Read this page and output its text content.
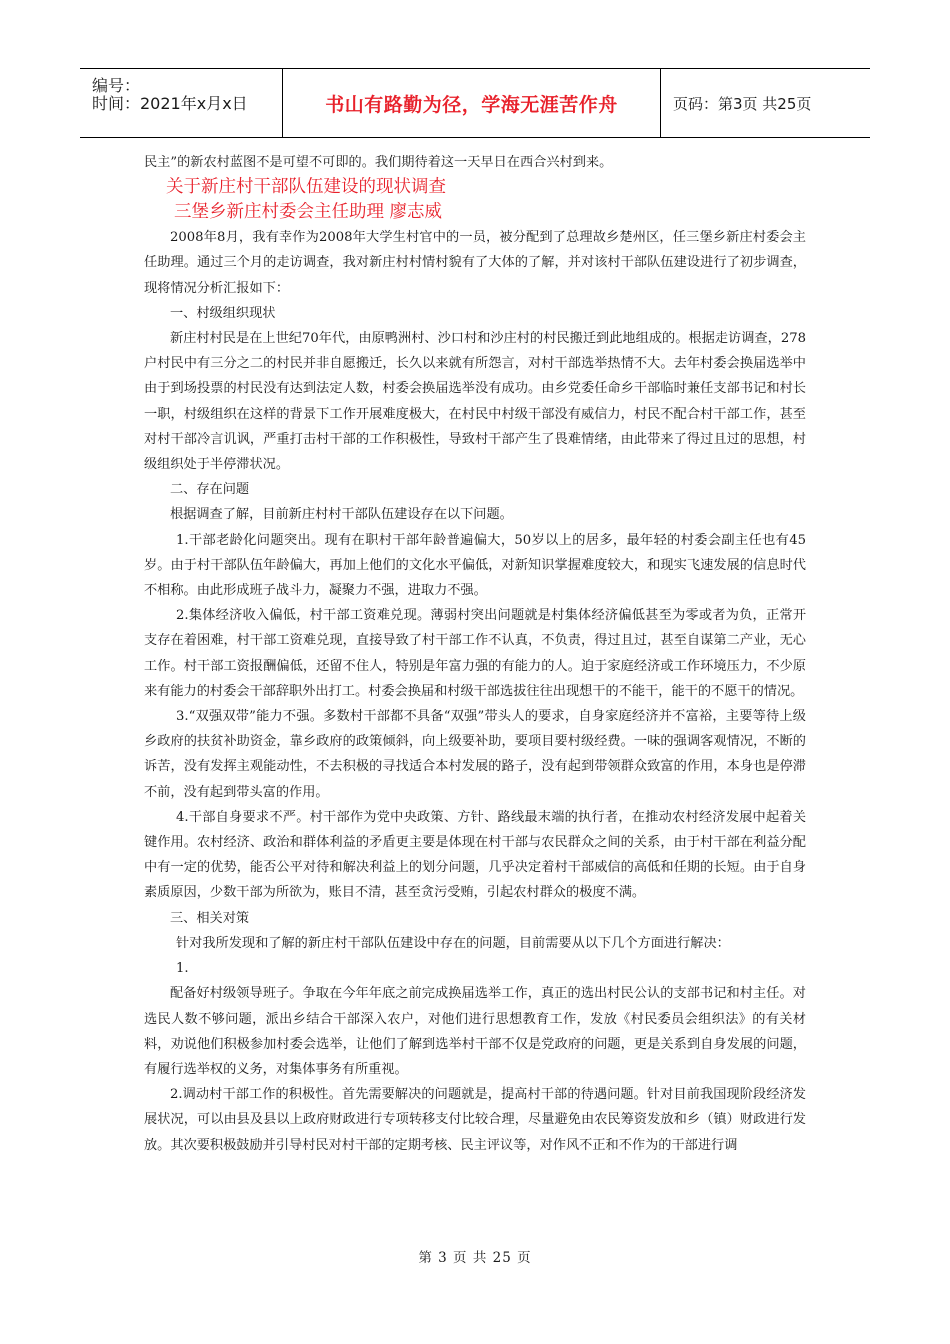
编号：
时间：2021年x月x日	书山有路勤为径，学海无涯苦作舟	页码：第3页 共25页

民主”的新农村蓝图不是可望不可即的。我们期待着这一天早日在西合兴村到来。

关于新庄村干部队伍建设的现状调查

三堡乡新庄村委会主任助理 廖志威

2008年8月，我有幸作为2008年大学生村官中的一员，被分配到了总理故乡楚州区，任三堡乡新庄村委会主任助理。通过三个月的走访调查，我对新庄村村情村貌有了大体的了解，并对该村干部队伍建设进行了初步调查，现将情况分析汇报如下：

一、村级组织现状

新庄村村民是在上世纪70年代，由原鸭洲村、沙口村和沙庄村的村民搬迁到此地组成的。根据走访调查，278户村民中有三分之二的村民并非自愿搬迁，长久以来就有所怨言，对村干部选举热情不大。去年村委会换届选举中由于到场投票的村民没有达到法定人数，村委会换届选举没有成功。由乡党委任命乡干部临时兼任支部书记和村长一职，村级组织在这样的背景下工作开展难度极大，在村民中村级干部没有威信力，村民不配合村干部工作，甚至对村干部冷言讥讽，严重打击村干部的工作积极性，导致村干部产生了畏难情绪，由此带来了得过且过的思想，村级组织处于半停滞状况。

二、存在问题

根据调查了解，目前新庄村村干部队伍建设存在以下问题。

1.干部老龄化问题突出。现有在职村干部年龄普遍偏大，50岁以上的居多，最年轻的村委会副主任也有45岁。由于村干部队伍年龄偏大，再加上他们的文化水平偏低，对新知识掌握难度较大，和现实飞速发展的信息时代不相称。由此形成班子战斗力，凝聚力不强，进取力不强。

2.集体经济收入偏低，村干部工资难兑现。薄弱村突出问题就是村集体经济偏低甚至为零或者为负，正常开支存在着困难，村干部工资难兑现，直接导致了村干部工作不认真，不负责，得过且过，甚至自谋第二产业，无心工作。村干部工资报酬偏低，还留不住人，特别是年富力强的有能力的人。迫于家庭经济或工作环境压力，不少原来有能力的村委会干部辞职外出打工。村委会换届和村级干部选拔往往出现想干的不能干，能干的不愿干的情况。

3.“双强双带”能力不强。多数村干部都不具备“双强”带头人的要求，自身家庭经济并不富裕，主要等待上级乡政府的扶贫补助资金，靠乡政府的政策倾斜，向上级要补助，要项目要村级经费。一味的强调客观情况，不断的诉苦，没有发挥主观能动性，不去积极的寻找适合本村发展的路子，没有起到带领群众致富的作用，本身也是停滞不前，没有起到带头富的作用。

4.干部自身要求不严。村干部作为党中央政策、方针、路线最末端的执行者，在推动农村经济发展中起着关键作用。农村经济、政治和群体利益的矛盾更主要是体现在村干部与农民群众之间的关系，由于村干部在利益分配中有一定的优势，能否公平对待和解决利益上的划分问题，几乎决定着村干部威信的高低和任期的长短。由于自身素质原因，少数干部为所欲为，账目不清，甚至贪污受贿，引起农村群众的极度不满。

三、相关对策

针对我所发现和了解的新庄村干部队伍建设中存在的问题，目前需要从以下几个方面进行解决：

1.

配备好村级领导班子。争取在今年年底之前完成换届选举工作，真正的选出村民公认的支部书记和村主任。对选民人数不够问题，派出乡结合干部深入农户，对他们进行思想教育工作，发放《村民委员会组织法》的有关材料，劝说他们积极参加村委会选举，让他们了解到选举村干部不仅是党政府的问题，更是关系到自身发展的问题，有履行选举权的义务，对集体事务有所重视。

2.调动村干部工作的积极性。首先需要解决的问题就是，提高村干部的待遇问题。针对目前我国现阶段经济发展状况，可以由县及县以上政府财政进行专项转移支付比较合理，尽量避免由农民筹资发放和乡（镇）财政进行发放。其次要积极鼓励并引导村民对村干部的定期考核、民主评议等，对作风不正和不作为的干部进行调

第 3 页 共 25 页
